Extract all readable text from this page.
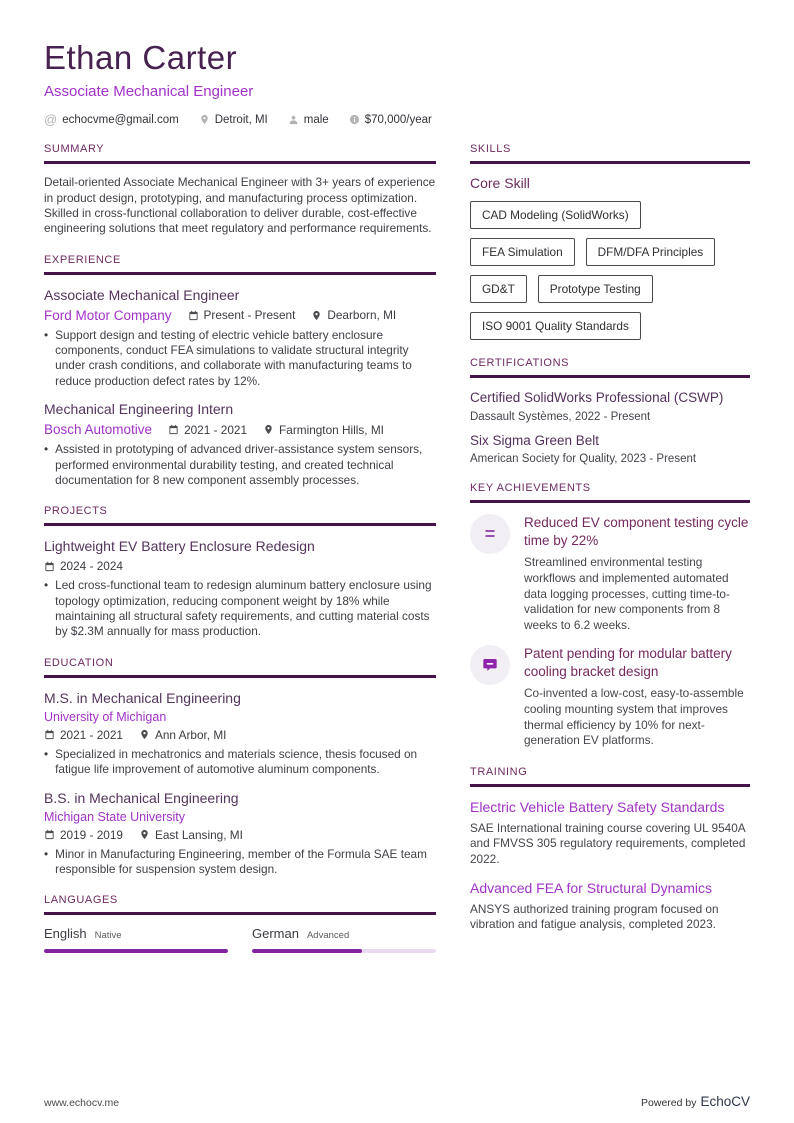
Ethan Carter
Associate Mechanical Engineer
@ echocvme@gmail.com	Detroit, MI	male	$70,000/year
SUMMARY
Detail-oriented Associate Mechanical Engineer with 3+ years of experience in product design, prototyping, and manufacturing process optimization. Skilled in cross-functional collaboration to deliver durable, cost-effective engineering solutions that meet regulatory and performance requirements.
EXPERIENCE
Associate Mechanical Engineer
Ford Motor Company	Present - Present	Dearborn, MI
• Support design and testing of electric vehicle battery enclosure components, conduct FEA simulations to validate structural integrity under crash conditions, and collaborate with manufacturing teams to reduce production defect rates by 12%.
Mechanical Engineering Intern
Bosch Automotive	2021 - 2021	Farmington Hills, MI
• Assisted in prototyping of advanced driver-assistance system sensors, performed environmental durability testing, and created technical documentation for 8 new component assembly processes.
PROJECTS
Lightweight EV Battery Enclosure Redesign
2024 - 2024
• Led cross-functional team to redesign aluminum battery enclosure using topology optimization, reducing component weight by 18% while maintaining all structural safety requirements, and cutting material costs by $2.3M annually for mass production.
EDUCATION
M.S. in Mechanical Engineering
University of Michigan
2021 - 2021	Ann Arbor, MI
• Specialized in mechatronics and materials science, thesis focused on fatigue life improvement of automotive aluminum components.
B.S. in Mechanical Engineering
Michigan State University
2019 - 2019	East Lansing, MI
• Minor in Manufacturing Engineering, member of the Formula SAE team responsible for suspension system design.
LANGUAGES
English Native	German Advanced
SKILLS
Core Skill
CAD Modeling (SolidWorks)
FEA Simulation	DFM/DFA Principles
GD&T	Prototype Testing
ISO 9001 Quality Standards
CERTIFICATIONS
Certified SolidWorks Professional (CSWP)
Dassault Systèmes, 2022 - Present
Six Sigma Green Belt
American Society for Quality, 2023 - Present
KEY ACHIEVEMENTS
=
Reduced EV component testing cycle time by 22%
Streamlined environmental testing workflows and implemented automated data logging processes, cutting time-to-validation for new components from 8 weeks to 6.2 weeks.
Patent pending for modular battery cooling bracket design
Co-invented a low-cost, easy-to-assemble cooling mounting system that improves thermal efficiency by 10% for next-generation EV platforms.
TRAINING
Electric Vehicle Battery Safety Standards
SAE International training course covering UL 9540A and FMVSS 305 regulatory requirements, completed 2022.
Advanced FEA for Structural Dynamics
ANSYS authorized training program focused on vibration and fatigue analysis, completed 2023.
www.echocv.me	Powered by EchoCV
